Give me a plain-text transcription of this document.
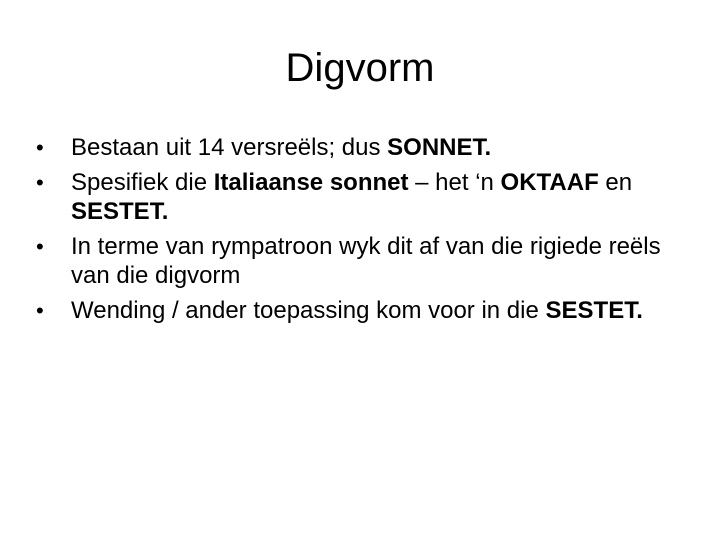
Digvorm
•	Bestaan uit 14 versreëls; dus SONNET.
•	Spesifiek die Italiaanse sonnet – het ‘n OKTAAF en SESTET.
•	In terme van rympatroon wyk dit af van die rigiede reëls van die digvorm
•	Wending / ander toepassing kom voor in die SESTET.
